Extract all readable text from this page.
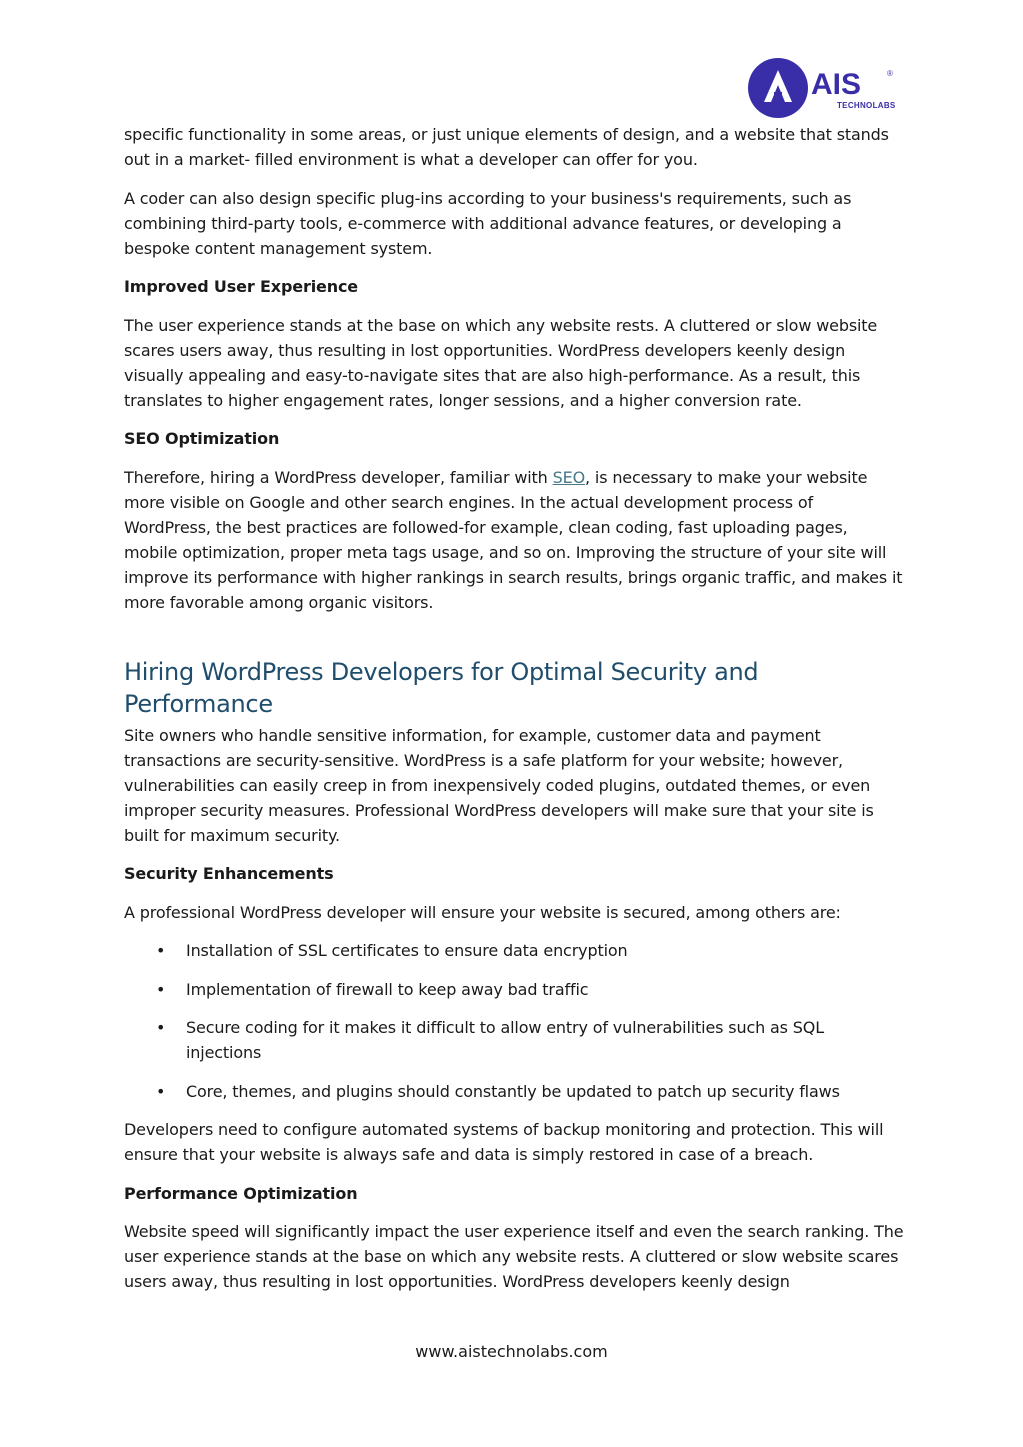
AIS	®
TECHNOLABS

specific functionality in some areas, or just unique elements of design, and a website that stands out in a market- filled environment is what a developer can offer for you.

A coder can also design specific plug-ins according to your business's requirements, such as combining third-party tools, e-commerce with additional advance features, or developing a bespoke content management system.

Improved User Experience

The user experience stands at the base on which any website rests. A cluttered or slow website scares users away, thus resulting in lost opportunities. WordPress developers keenly design visually appealing and easy-to-navigate sites that are also high-performance. As a result, this translates to higher engagement rates, longer sessions, and a higher conversion rate.

SEO Optimization

Therefore, hiring a WordPress developer, familiar with SEO, is necessary to make your website more visible on Google and other search engines. In the actual development process of WordPress, the best practices are followed-for example, clean coding, fast uploading pages, mobile optimization, proper meta tags usage, and so on. Improving the structure of your site will improve its performance with higher rankings in search results, brings organic traffic, and makes it more favorable among organic visitors.

Hiring WordPress Developers for Optimal Security and Performance

Site owners who handle sensitive information, for example, customer data and payment transactions are security-sensitive. WordPress is a safe platform for your website; however, vulnerabilities can easily creep in from inexpensively coded plugins, outdated themes, or even improper security measures. Professional WordPress developers will make sure that your site is built for maximum security.

Security Enhancements

A professional WordPress developer will ensure your website is secured, among others are:

• Installation of SSL certificates to ensure data encryption
• Implementation of firewall to keep away bad traffic
• Secure coding for it makes it difficult to allow entry of vulnerabilities such as SQL injections
• Core, themes, and plugins should constantly be updated to patch up security flaws

Developers need to configure automated systems of backup monitoring and protection. This will ensure that your website is always safe and data is simply restored in case of a breach.

Performance Optimization

Website speed will significantly impact the user experience itself and even the search ranking. The user experience stands at the base on which any website rests. A cluttered or slow website scares users away, thus resulting in lost opportunities. WordPress developers keenly design

www.aistechnolabs.com
